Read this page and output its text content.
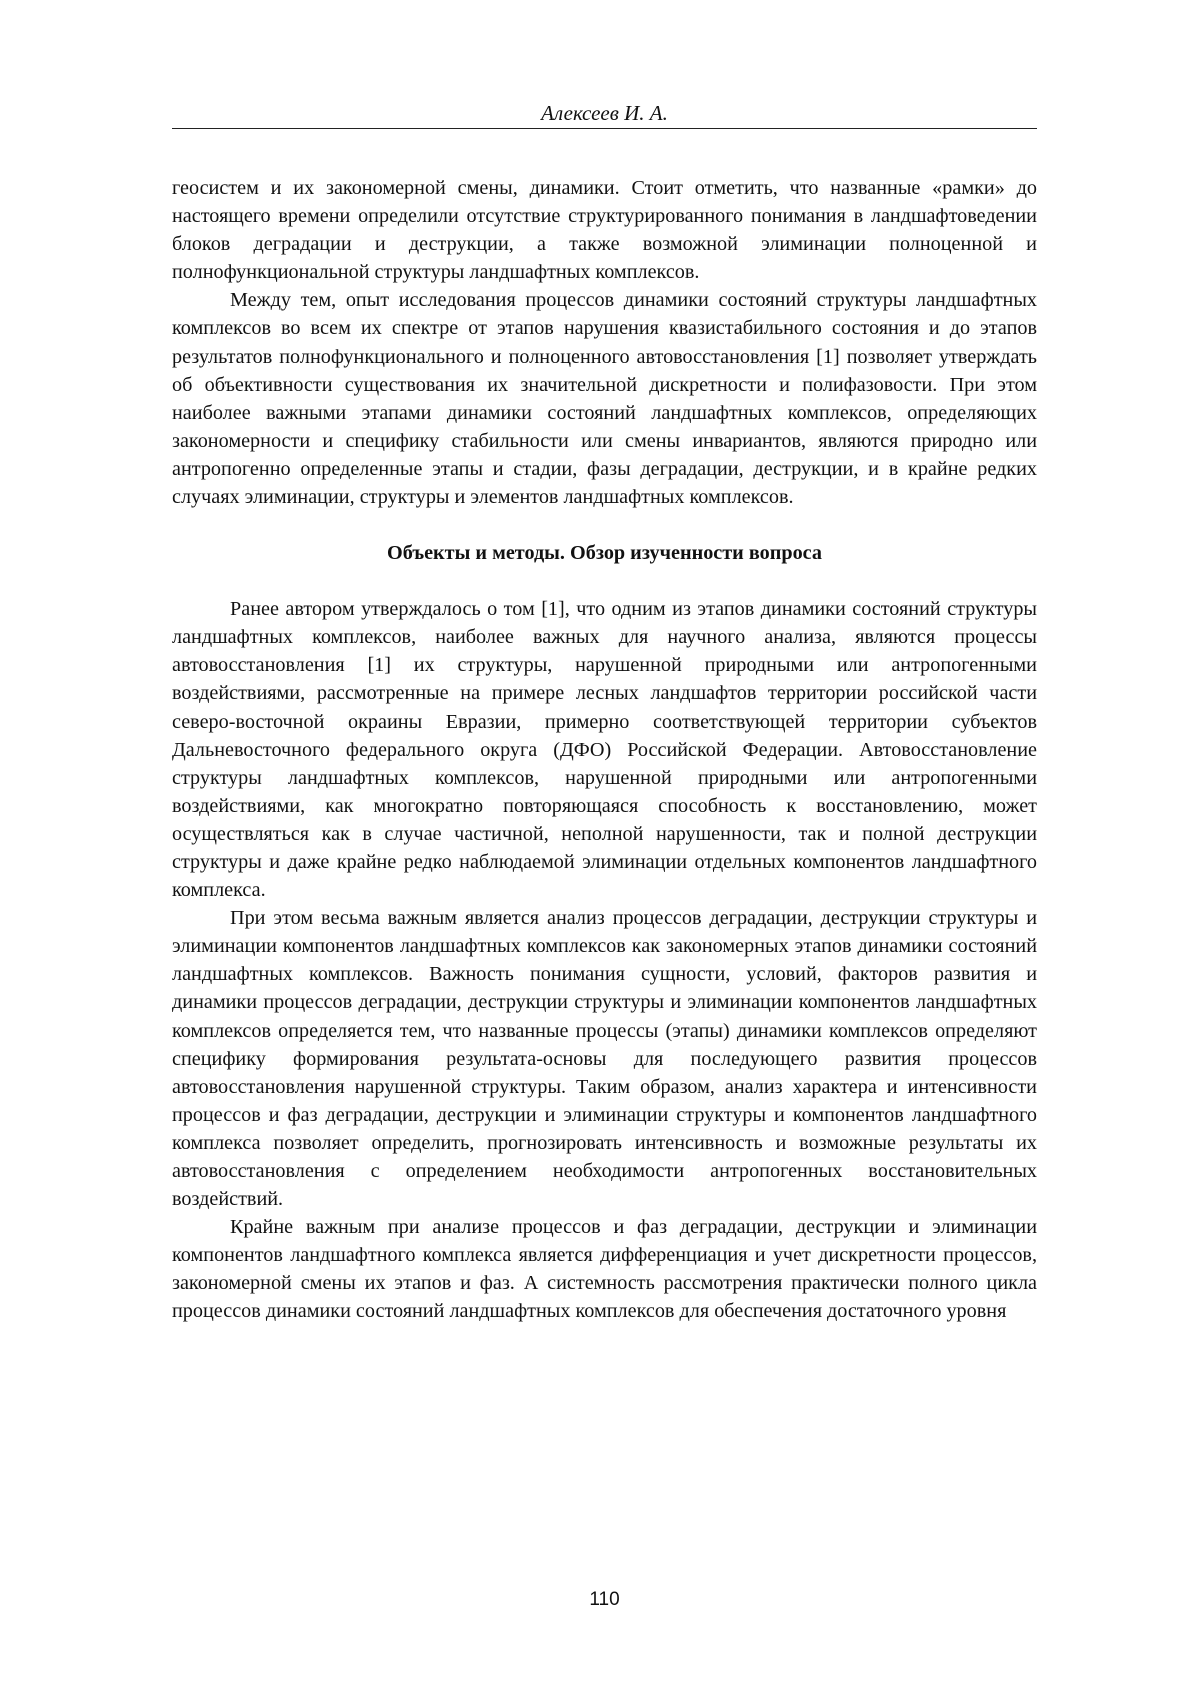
Алексеев И. А.

геосистем и их закономерной смены, динамики. Стоит отметить, что названные «рамки» до настоящего времени определили отсутствие структурированного понимания в ландшафтоведении блоков деградации и деструкции, а также возможной элиминации полноценной и полнофункциональной структуры ландшафтных комплексов.

Между тем, опыт исследования процессов динамики состояний структуры ландшафтных комплексов во всем их спектре от этапов нарушения квазистабильного состояния и до этапов результатов полнофункционального и полноценного автовосстановления [1] позволяет утверждать об объективности существования их значительной дискретности и полифазовости. При этом наиболее важными этапами динамики состояний ландшафтных комплексов, определяющих закономерности и специфику стабильности или смены инвариантов, являются природно или антропогенно определенные этапы и стадии, фазы деградации, деструкции, и в крайне редких случаях элиминации, структуры и элементов ландшафтных комплексов.

Объекты и методы. Обзор изученности вопроса

Ранее автором утверждалось о том [1], что одним из этапов динамики состояний структуры ландшафтных комплексов, наиболее важных для научного анализа, являются процессы автовосстановления [1] их структуры, нарушенной природными или антропогенными воздействиями, рассмотренные на примере лесных ландшафтов территории российской части северо-восточной окраины Евразии, примерно соответствующей территории субъектов Дальневосточного федерального округа (ДФО) Российской Федерации. Автовосстановление структуры ландшафтных комплексов, нарушенной природными или антропогенными воздействиями, как многократно повторяющаяся способность к восстановлению, может осуществляться как в случае частичной, неполной нарушенности, так и полной деструкции структуры и даже крайне редко наблюдаемой элиминации отдельных компонентов ландшафтного комплекса.

При этом весьма важным является анализ процессов деградации, деструкции структуры и элиминации компонентов ландшафтных комплексов как закономерных этапов динамики состояний ландшафтных комплексов. Важность понимания сущности, условий, факторов развития и динамики процессов деградации, деструкции структуры и элиминации компонентов ландшафтных комплексов определяется тем, что названные процессы (этапы) динамики комплексов определяют специфику формирования результата-основы для последующего развития процессов автовосстановления нарушенной структуры. Таким образом, анализ характера и интенсивности процессов и фаз деградации, деструкции и элиминации структуры и компонентов ландшафтного комплекса позволяет определить, прогнозировать интенсивность и возможные результаты их автовосстановления с определением необходимости антропогенных восстановительных воздействий.

Крайне важным при анализе процессов и фаз деградации, деструкции и элиминации компонентов ландшафтного комплекса является дифференциация и учет дискретности процессов, закономерной смены их этапов и фаз. А системность рассмотрения практически полного цикла процессов динамики состояний ландшафтных комплексов для обеспечения достаточного уровня

110
